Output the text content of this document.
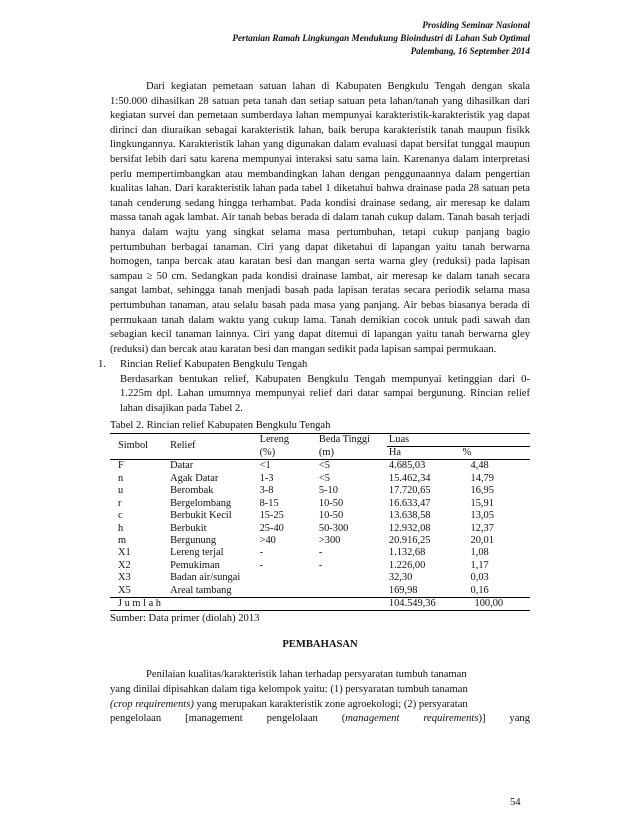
Prosiding Seminar Nasional
Pertanian Ramah Lingkungan Mendukung Bioindustri di Lahan Sub Optimal
Palembang, 16 September 2014

Dari kegiatan pemetaan satuan lahan di Kabupaten Bengkulu Tengah dengan skala 1:50.000 dihasilkan 28 satuan peta tanah dan setiap satuan peta lahan/tanah yang dihasilkan dari kegiatan survei dan pemetaan sumberdaya lahan mempunyai karakteristik-karakteristik yag dapat dirinci dan diuraikan sebagai karakteristik lahan, baik berupa karakteristik tanah maupun fisikk lingkungannya. Karakteristik lahan yang digunakan dalam evaluasi dapat bersifat tunggal maupun bersifat lebih dari satu karena mempunyai interaksi satu sama lain. Karenanya dalam interpretasi perlu mempertimbangkan atau membandingkan lahan dengan penggunaannya dalam pengertian kualitas lahan. Dari karakteristik lahan pada tabel 1 diketahui bahwa drainase pada 28 satuan peta tanah cenderung sedang hingga terhambat. Pada kondisi drainase sedang, air meresap ke dalam massa tanah agak lambat. Air tanah bebas berada di dalam tanah cukup dalam. Tanah basah terjadi hanya dalam wajtu yang singkat selama masa pertumbuhan, tetapi cukup panjang bagio pertumbuhan berbagai tanaman. Ciri yang dapat diketahui di lapangan yaitu tanah berwarna homogen, tanpa bercak atau karatan besi dan mangan serta warna gley (reduksi) pada lapisan sampau ≥ 50 cm. Sedangkan pada kondisi drainase lambat, air meresap ke dalam tanah secara sangat lambat, sehingga tanah menjadi basah pada lapisan teratas secara periodik selama masa pertumbuhan tanaman, atau selalu basah pada masa yang panjang. Air bebas biasanya berada di permukaan tanah dalam waktu yang cukup lama. Tanah demikian cocok untuk padi sawah dan sebagian kecil tanaman lainnya. Ciri yang dapat ditemui di lapangan yaitu tanah berwarna gley (reduksi) dan bercak atau karatan besi dan mangan sedikit pada lapisan sampai permukaan.

1. Rincian Relief Kabupaten Bengkulu Tengah
Berdasarkan bentukan relief, Kabupaten Bengkulu Tengah mempunyai ketinggian dari 0-1.225m dpl. Lahan umumnya mempunyai relief dari datar sampai bergunung. Rincian relief lahan disajikan pada Tabel 2.
Tabel 2. Rincian relief Kabupaten Bengkulu Tengah
Simbol	Relief	Lereng	Beda Tinggi	Luas	
		(%)	(m)	Ha	%
F	Datar	<1	<5	4.685,03	4,48
n	Agak Datar	1-3	<5	15.462,34	14,79
u	Berombak	3-8	5-10	17.720,65	16,95
r	Bergelombang	8-15	10-50	16.633,47	15,91
c	Berbukit Kecil	15-25	10-50	13.638,58	13,05
h	Berbukit	25-40	50-300	12.932,08	12,37
m	Bergunung	>40	>300	20.916,25	20,01
X1	Lereng terjal	-	-	1.132,68	1,08
X2	Pemukiman	-	-	1.226,00	1,17
X3	Badan air/sungai			32,30	0,03
X5	Areal tambang			169,98	0,16
J u m l a h				104.549,36	100,00
Sumber: Data primer (diolah) 2013
PEMBAHASAN
Penilaian kualitas/karakteristik lahan terhadap persyaratan tumbuh tanaman
yang dinilai dipisahkan dalam tiga kelompok yaitu: (1) persyaratan tumbuh tanaman
(crop requirements) yang merupakan karakteristik zone agroekologi; (2) persyaratan
pengelolaan [management pengelolaan (management requirements)] yang
54
